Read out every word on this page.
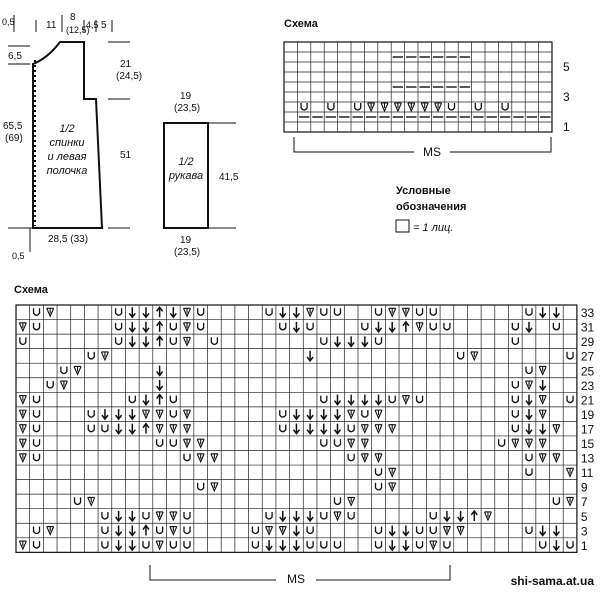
0,5	11
8
(12,5)
4,5 5
6,5
65,5
(69)
0,5
21
(24,5)
51
1/2
спинки
и левая
полочка
28,5 (33)
19
(23,5)
1/2
рукава 41,5
19
(23,5)
Схема
5
3
1
MS
Условные
обозначения
= 1 лиц.
Схема
33
31
29
27
25
23
21
19
17
15
13
11
9
7
5
3
1
MS	shi-sama.at.ua
